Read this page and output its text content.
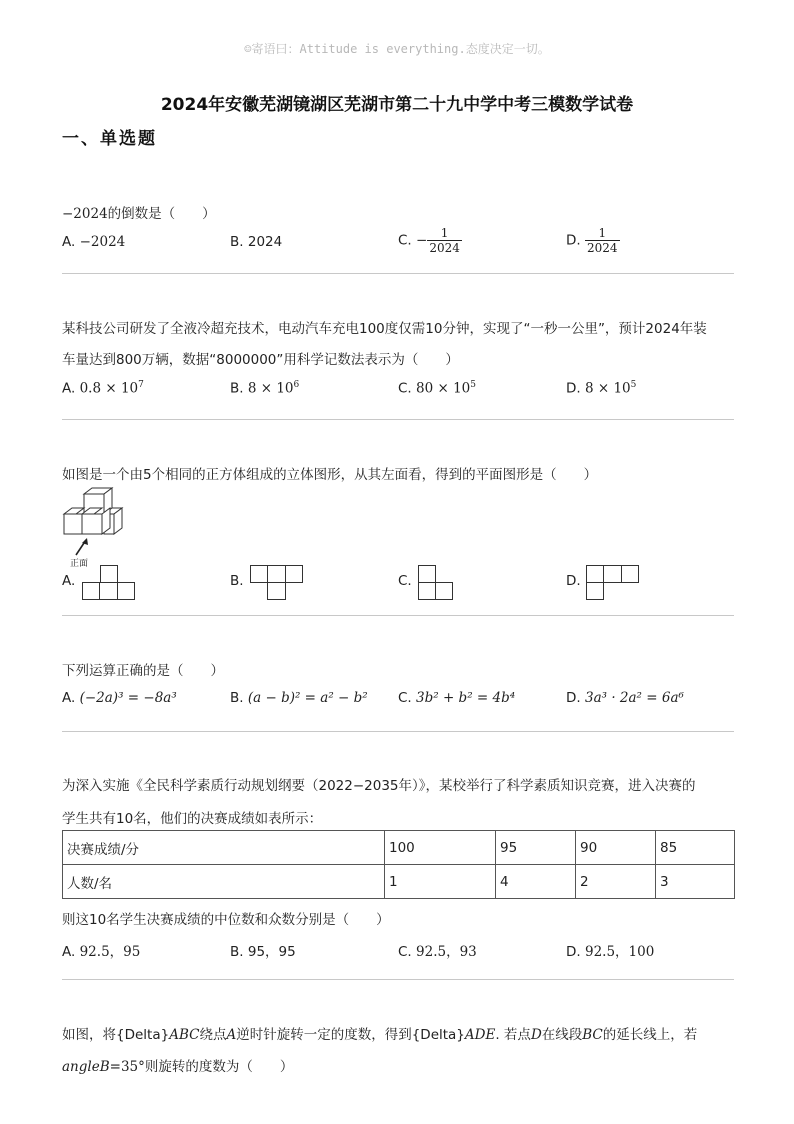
☺寄语曰：Attitude is everything.态度决定一切。
2024年安徽芜湖镜湖区芜湖市第二十九中学中考三模数学试卷
一、单选题
−2024的倒数是（　　）
A. −2024	B. 2024	C. − $\frac{1}{2024}$	D. $\frac{1}{2024}$
某科技公司研发了全液冷超充技术，电动汽车充电100度仅需10分钟，实现了“一秒一公里”，预计2024年装
车量达到800万辆，数据“8000000”用科学记数法表示为（　　）
A. $0.8 \times 10^7$	B. $8 \times 10^6$	C. $80 \times 10^5$	D. $8 \times 10^5$
如图是一个由5个相同的正方体组成的立体图形，从其左面看，得到的平面图形是（　　）
正面
A.	B.	C.	D.
下列运算正确的是（　　）
A. (−2a)³ = −8a³	B. (a − b)² = a² − b² C. 3b² + b² = 4b⁴	D. 3a³ · 2a² = 6a⁶
为深入实施《全民科学素质行动规划纲要（2022−2035年）》，某校举行了科学素质知识竞赛，进入决赛的
学生共有10名，他们的决赛成绩如表所示：
决赛成绩/分	100	95	90	85
人数/名	1	4	2	3
则这10名学生决赛成绩的中位数和众数分别是（　　）
A. 92.5，95	B. 95，95	C. 92.5，93	D. 92.5，100
如图，将{Delta}ABC绕点A逆时针旋转一定的度数，得到{Delta}ADE. 若点D在线段BC的延长线上，若
angleB=35°则旋转的度数为（　　）
